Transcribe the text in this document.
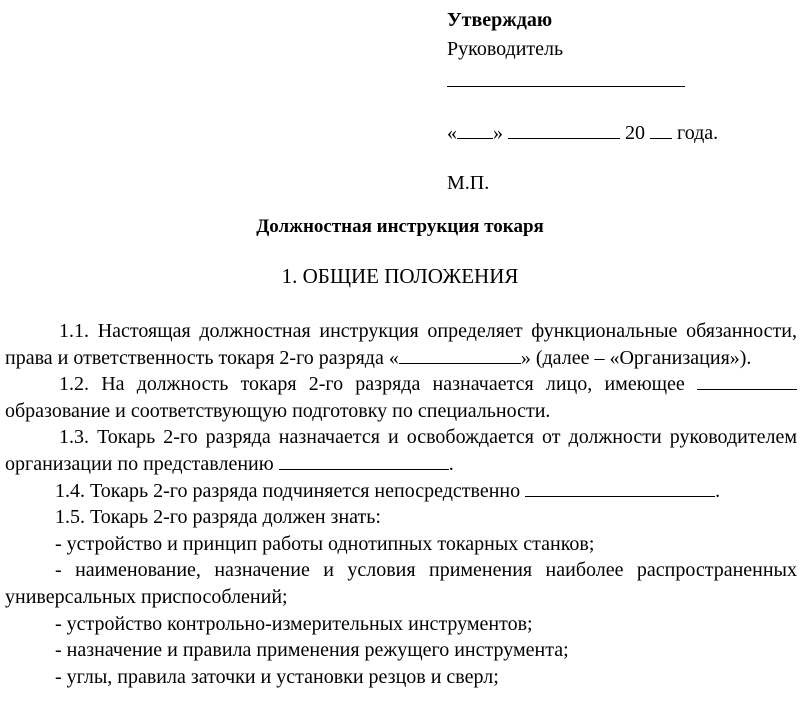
Утверждаю
Руководитель
« »	20 года.
М.П.
Должностная инструкция токаря
1. ОБЩИЕ ПОЛОЖЕНИЯ

1.1. Настоящая должностная инструкция определяет функциональные обязанности, права и ответственность токаря 2-го разряда «	» (далее – «Организация»).

1.2. На должность токаря 2-го разряда назначается лицо, имеющее  образование и соответствующую подготовку по специальности.

1.3. Токарь 2-го разряда назначается и освобождается от должности руководителем организации по представлению	.

1.4. Токарь 2-го разряда подчиняется непосредственно	.

1.5. Токарь 2-го разряда должен знать:

- устройство и принцип работы однотипных токарных станков;

- наименование, назначение и условия применения наиболее распространенных универсальных приспособлений;

- устройство контрольно-измерительных инструментов;

- назначение и правила применения режущего инструмента;

- углы, правила заточки и установки резцов и сверл;
